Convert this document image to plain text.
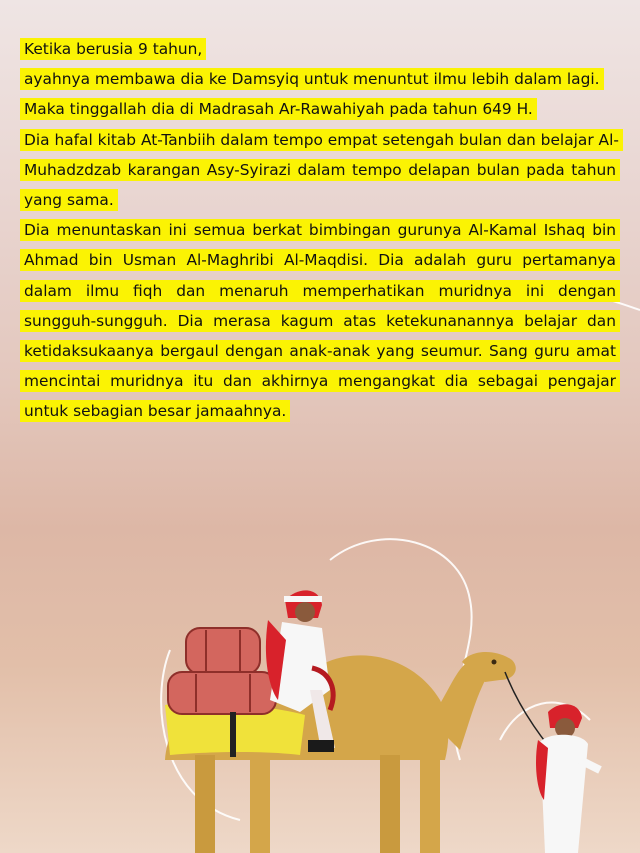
Ketika berusia 9 tahun,
ayahnya membawa dia ke Damsyiq untuk menuntut ilmu lebih dalam lagi.
Maka tinggallah dia di Madrasah Ar-Rawahiyah pada tahun 649 H.
Dia hafal kitab At-Tanbiih dalam tempo empat setengah bulan dan belajar Al-Muhadzdzab karangan Asy-Syirazi dalam tempo delapan bulan pada tahun yang sama.
Dia menuntaskan ini semua berkat bimbingan gurunya Al-Kamal Ishaq bin Ahmad bin Usman Al-Maghribi Al-Maqdisi. Dia adalah guru pertamanya dalam ilmu fiqh dan menaruh memperhatikan muridnya ini dengan sungguh-sungguh. Dia merasa kagum atas ketekunanannya belajar dan ketidaksukaanya bergaul dengan anak-anak yang seumur. Sang guru amat mencintai muridnya itu dan akhirnya mengangkat dia sebagai pengajar untuk sebagian besar jamaahnya.
